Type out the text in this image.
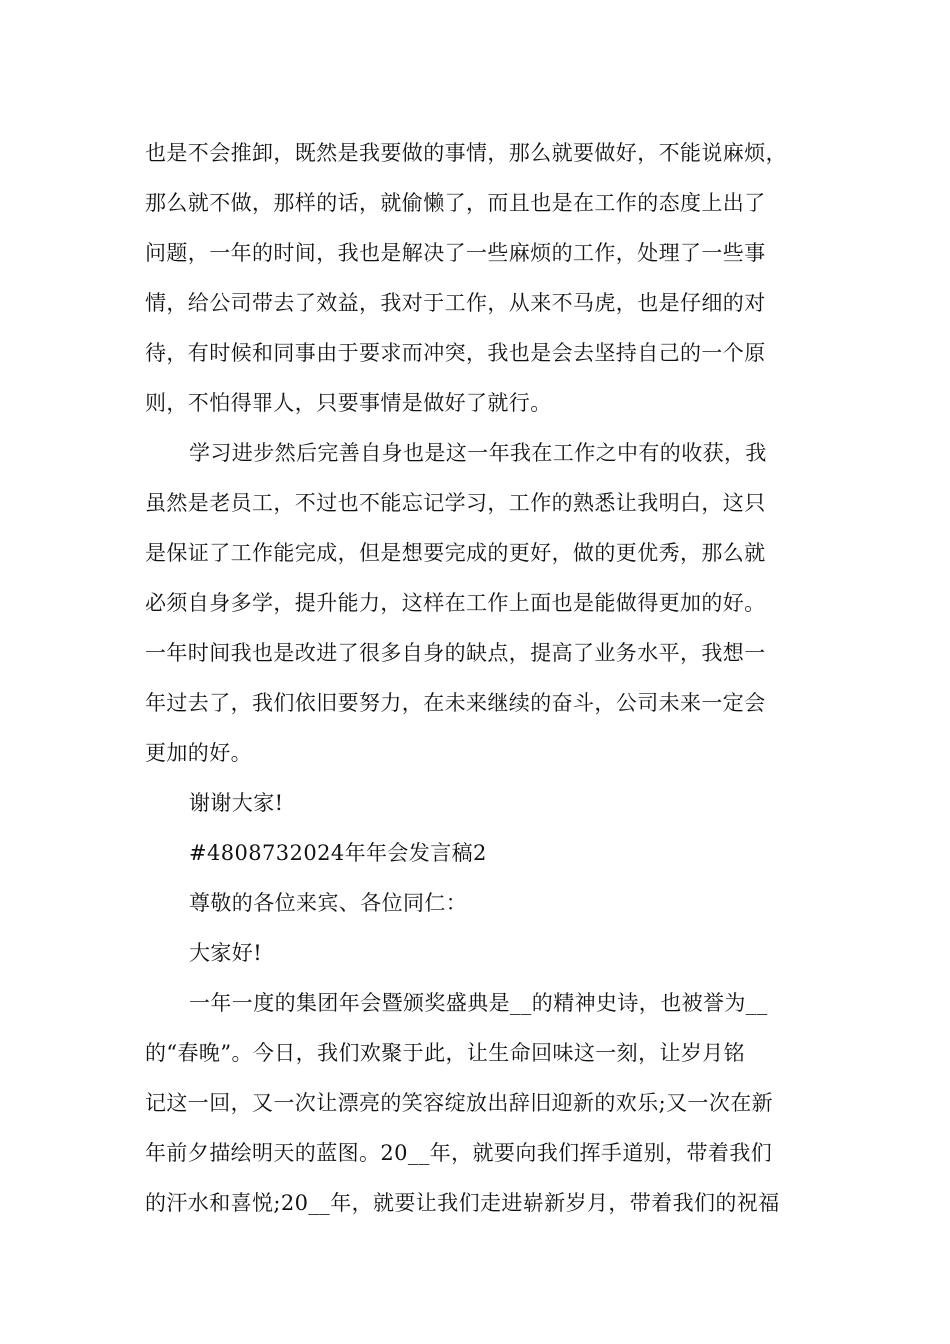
也是不会推卸，既然是我要做的事情，那么就要做好，不能说麻烦，
那么就不做，那样的话，就偷懒了，而且也是在工作的态度上出了
问题，一年的时间，我也是解决了一些麻烦的工作，处理了一些事
情，给公司带去了效益，我对于工作，从来不马虎，也是仔细的对
待，有时候和同事由于要求而冲突，我也是会去坚持自己的一个原
则，不怕得罪人，只要事情是做好了就行。
学习进步然后完善自身也是这一年我在工作之中有的收获，我
虽然是老员工，不过也不能忘记学习，工作的熟悉让我明白，这只
是保证了工作能完成，但是想要完成的更好，做的更优秀，那么就
必须自身多学，提升能力，这样在工作上面也是能做得更加的好。
一年时间我也是改进了很多自身的缺点，提高了业务水平，我想一
年过去了，我们依旧要努力，在未来继续的奋斗，公司未来一定会
更加的好。
谢谢大家!
#4808732024年年会发言稿2
尊敬的各位来宾、各位同仁：
大家好!
一年一度的集团年会暨颁奖盛典是__的精神史诗，也被誉为__
的“春晚”。今日，我们欢聚于此，让生命回味这一刻，让岁月铭
记这一回，又一次让漂亮的笑容绽放出辞旧迎新的欢乐;又一次在新
年前夕描绘明天的蓝图。20__年，就要向我们挥手道别，带着我们
的汗水和喜悦;20__年，就要让我们走进崭新岁月，带着我们的祝福
